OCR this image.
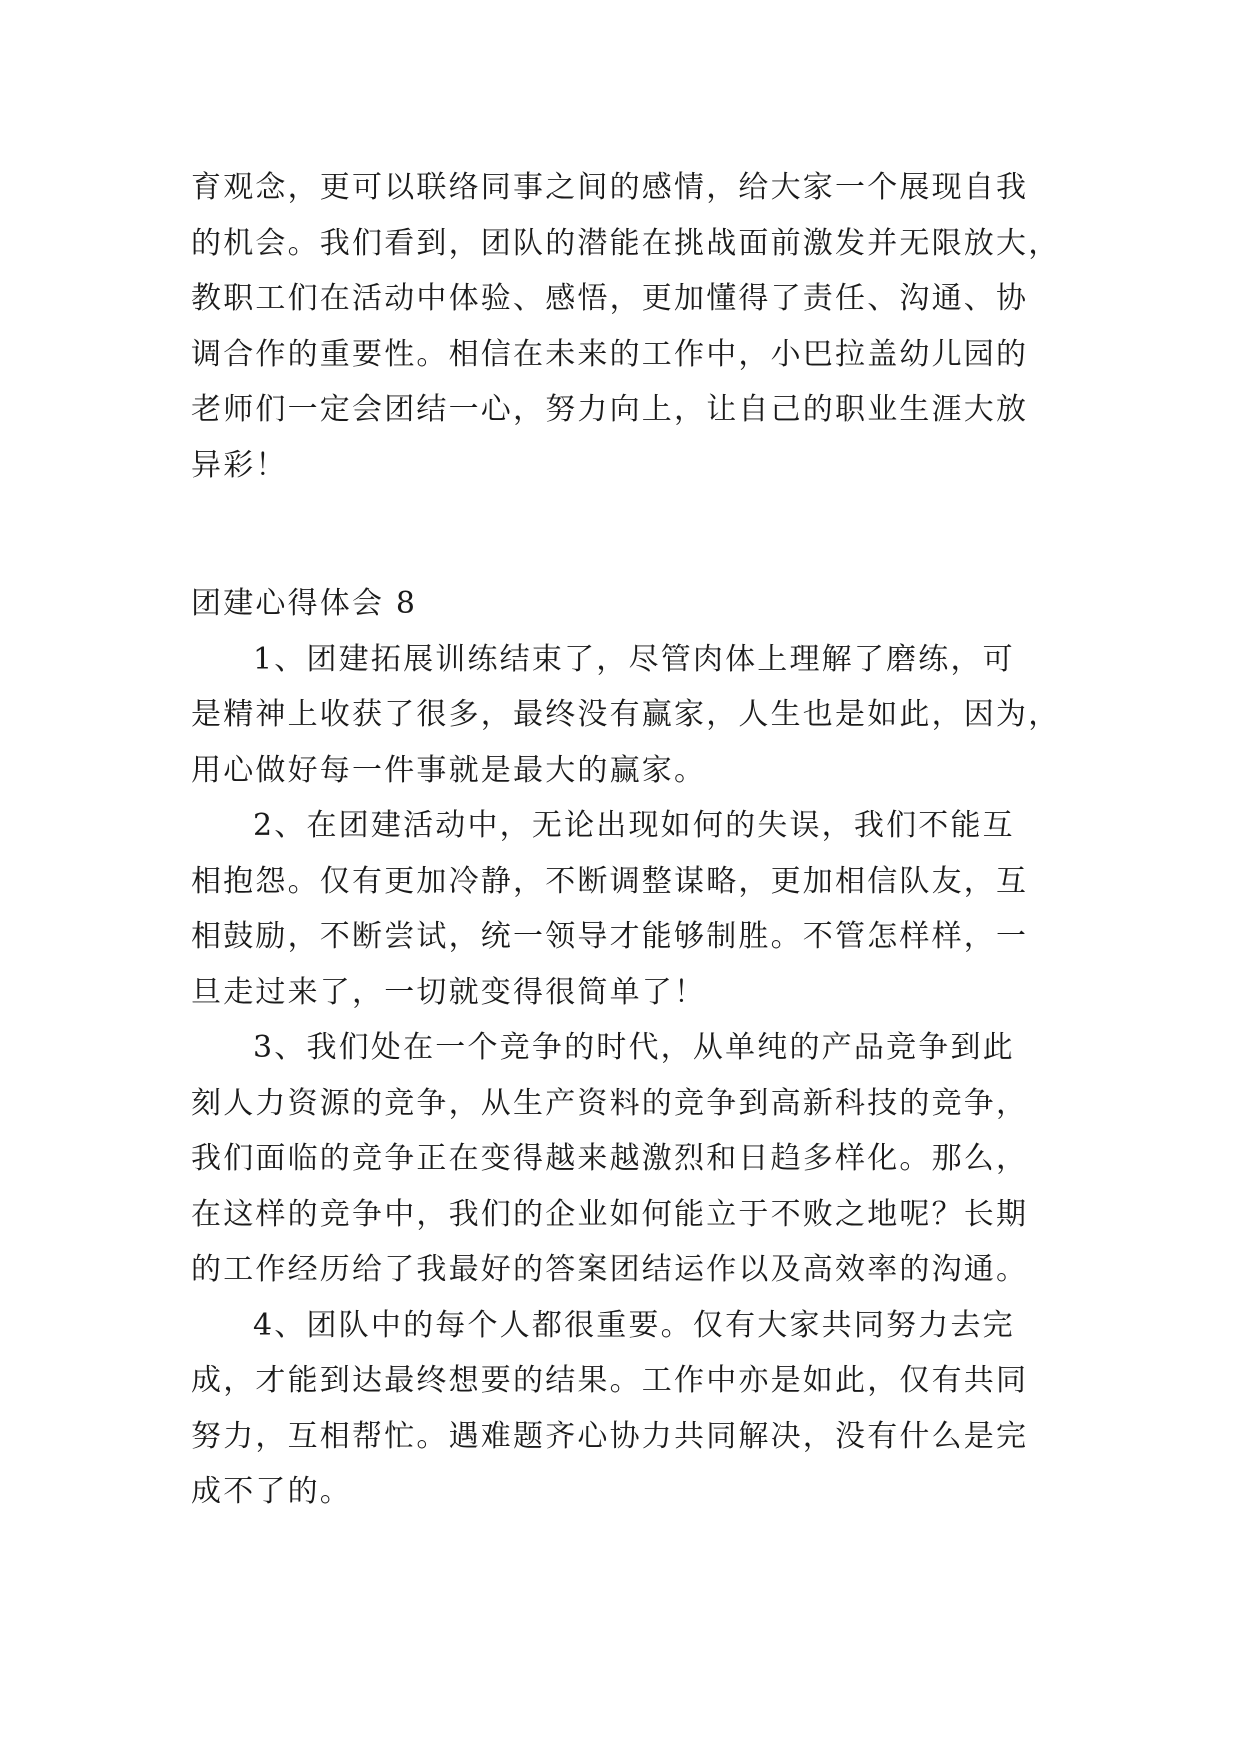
育观念，更可以联络同事之间的感情，给大家一个展现自我
的机会。我们看到，团队的潜能在挑战面前激发并无限放大，
教职工们在活动中体验、感悟，更加懂得了责任、沟通、协
调合作的重要性。相信在未来的工作中，小巴拉盖幼儿园的
老师们一定会团结一心，努力向上，让自己的职业生涯大放
异彩！
团建心得体会 8
1、团建拓展训练结束了，尽管肉体上理解了磨练，可
是精神上收获了很多，最终没有赢家，人生也是如此，因为，
用心做好每一件事就是最大的赢家。
2、在团建活动中，无论出现如何的失误，我们不能互
相抱怨。仅有更加冷静，不断调整谋略，更加相信队友，互
相鼓励，不断尝试，统一领导才能够制胜。不管怎样样，一
旦走过来了，一切就变得很简单了！
3、我们处在一个竞争的时代，从单纯的产品竞争到此
刻人力资源的竞争，从生产资料的竞争到高新科技的竞争，
我们面临的竞争正在变得越来越激烈和日趋多样化。那么，
在这样的竞争中，我们的企业如何能立于不败之地呢？长期
的工作经历给了我最好的答案团结运作以及高效率的沟通。
4、团队中的每个人都很重要。仅有大家共同努力去完
成，才能到达最终想要的结果。工作中亦是如此，仅有共同
努力，互相帮忙。遇难题齐心协力共同解决，没有什么是完
成不了的。
